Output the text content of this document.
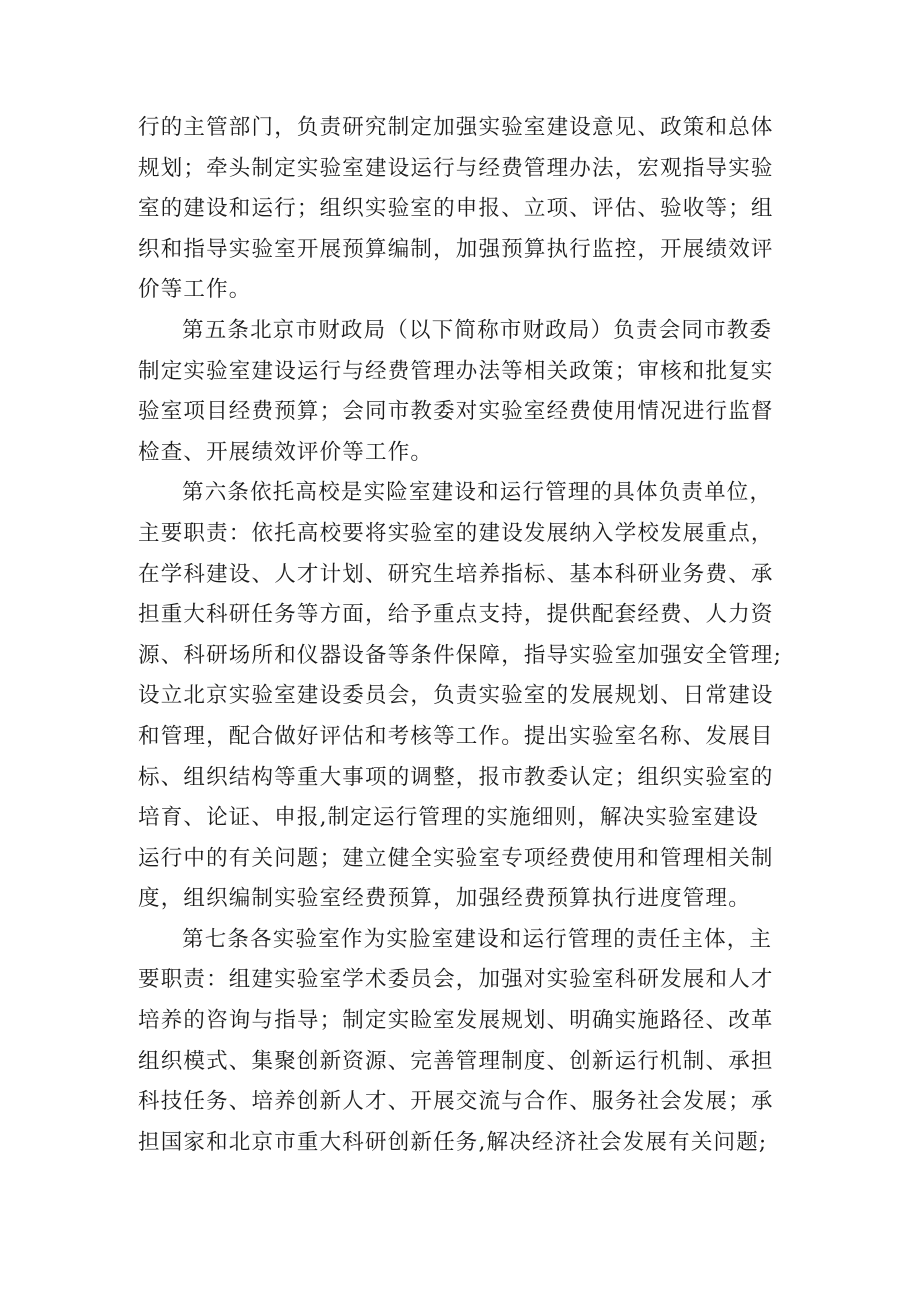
行的主管部门，负责研究制定加强实验室建设意见、政策和总体
规划；牵头制定实验室建设运行与经费管理办法，宏观指导实验
室的建设和运行；组织实验室的申报、立项、评估、验收等；组
织和指导实验室开展预算编制，加强预算执行监控，开展绩效评
价等工作。
第五条北京市财政局（以下简称市财政局）负责会同市教委
制定实验室建设运行与经费管理办法等相关政策；审核和批复实
验室项目经费预算；会同市教委对实验室经费使用情况进行监督
检查、开展绩效评价等工作。
第六条依托高校是实险室建设和运行管理的具体负责单位，
主要职责：依托高校要将实验室的建设发展纳入学校发展重点，
在学科建设、人才计划、研究生培养指标、基本科研业务费、承
担重大科研任务等方面，给予重点支持，提供配套经费、人力资
源、科研场所和仪器设备等条件保障，指导实验室加强安全管理;
设立北京实验室建设委员会，负责实验室的发展规划、日常建设
和管理，配合做好评估和考核等工作。提出实验室名称、发展目
标、组织结构等重大事项的调整，报市教委认定；组织实验室的
培育、论证、申报,制定运行管理的实施细则，解决实验室建设
运行中的有关问题；建立健全实验室专项经费使用和管理相关制
度，组织编制实验室经费预算，加强经费预算执行进度管理。
第七条各实验室作为实脸室建设和运行管理的责任主体，主
要职责：组建实验室学术委员会，加强对实验室科研发展和人才
培养的咨询与指导；制定实睑室发展规划、明确实施路径、改革
组织模式、集聚创新资源、完善管理制度、创新运行机制、承担
科技任务、培养创新人才、开展交流与合作、服务社会发展；承
担国家和北京市重大科研创新任务,解决经济社会发展有关问题;
